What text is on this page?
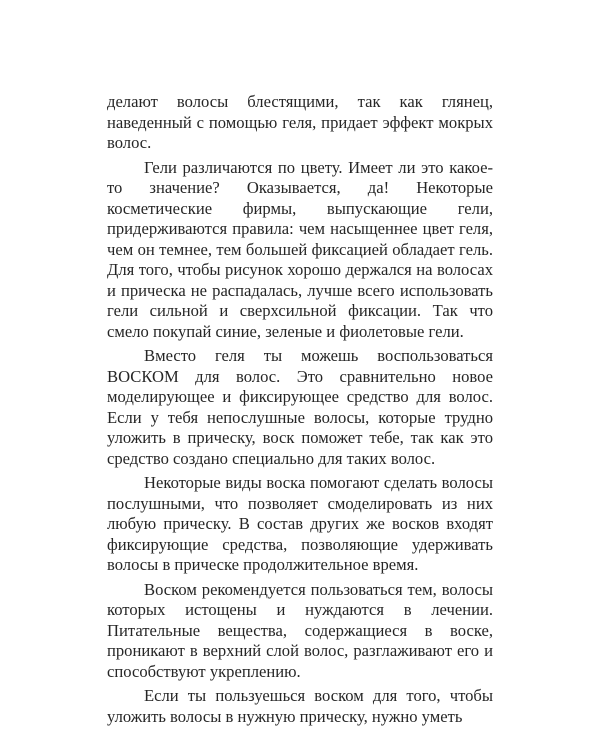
делают волосы блестящими, так как глянец, наведенный с помощью геля, придает эффект мокрых волос.

Гели различаются по цвету. Имеет ли это какое-то значение? Оказывается, да! Некоторые косметические фирмы, выпускающие гели, придерживаются правила: чем насыщеннее цвет геля, чем он темнее, тем большей фиксацией обладает гель. Для того, чтобы рисунок хорошо держался на волосах и прическа не распадалась, лучше всего использовать гели сильной и сверхсильной фиксации. Так что смело покупай синие, зеленые и фиолетовые гели.

Вместо геля ты можешь воспользоваться ВОСКОМ для волос. Это сравнительно новое моделирующее и фиксирующее средство для волос. Если у тебя непослушные волосы, которые трудно уложить в прическу, воск поможет тебе, так как это средство создано специально для таких волос.

Некоторые виды воска помогают сделать волосы послушными, что позволяет смоделировать из них любую прическу. В состав других же восков входят фиксирующие средства, позволяющие удерживать волосы в прическе продолжительное время.

Воском рекомендуется пользоваться тем, волосы которых истощены и нуждаются в лечении. Питательные вещества, содержащиеся в воске, проникают в верхний слой волос, разглаживают его и способствуют укреплению.

Если ты пользуешься воском для того, чтобы уложить волосы в нужную прическу, нужно уметь
